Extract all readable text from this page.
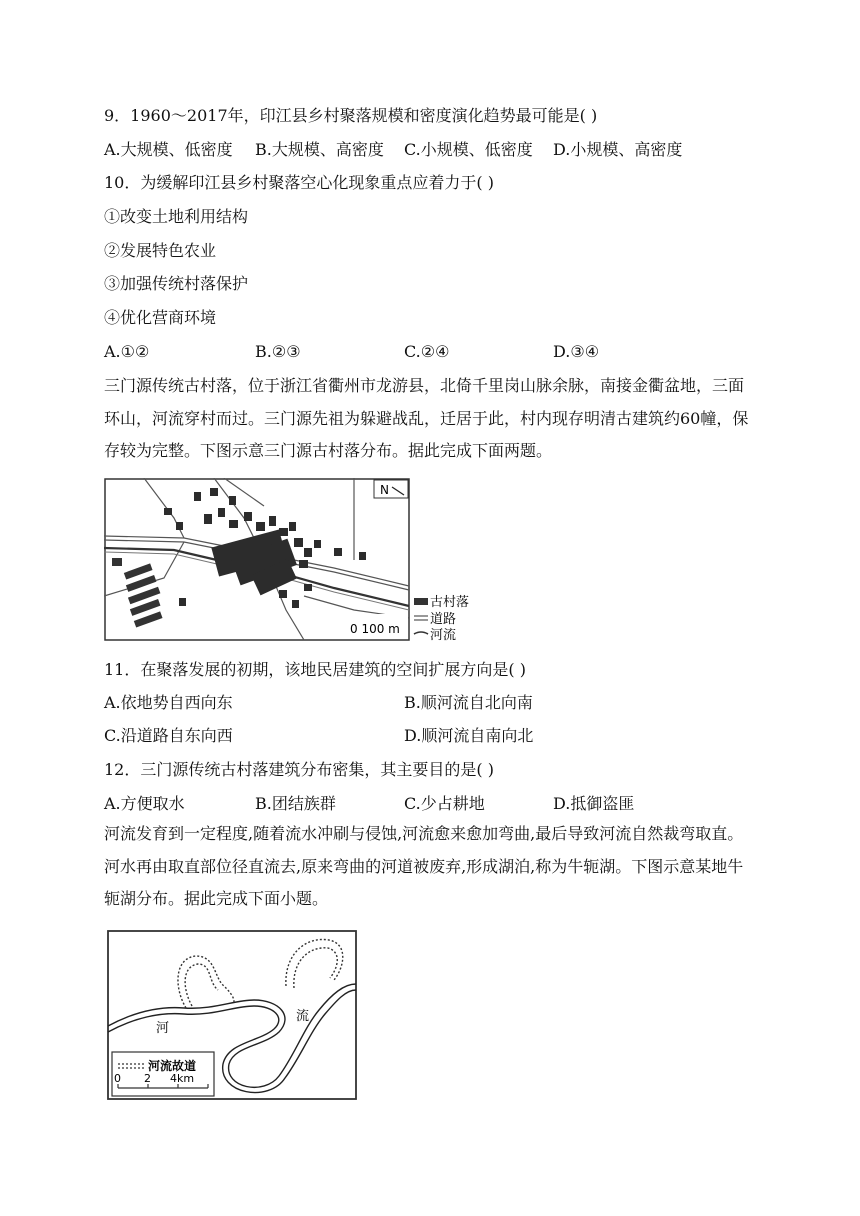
9．1960～2017年，印江县乡村聚落规模和密度演化趋势最可能是( )
A.大规模、低密度 B.大规模、高密度 C.小规模、低密度 D.小规模、高密度
10．为缓解印江县乡村聚落空心化现象重点应着力于( )
①改变土地利用结构
②发展特色农业
③加强传统村落保护
④优化营商环境
A.①②	B.②③	C.②④	D.③④
三门源传统古村落，位于浙江省衢州市龙游县，北倚千里岗山脉余脉，南接金衢盆地，三面环山，河流穿村而过。三门源先祖为躲避战乱，迁居于此，村内现存明清古建筑约60幢，保存较为完整。下图示意三门源古村落分布。据此完成下面两题。
N
0 100 m
古村落
道路
河流
11．在聚落发展的初期，该地民居建筑的空间扩展方向是( )
A.依地势自西向东	B.顺河流自北向南
C.沿道路自东向西	D.顺河流自南向北
12．三门源传统古村落建筑分布密集，其主要目的是( )
A.方便取水	B.团结族群	C.少占耕地	D.抵御盗匪
河流发育到一定程度,随着流水冲刷与侵蚀,河流愈来愈加弯曲,最后导致河流自然裁弯取直。河水再由取直部位径直流去,原来弯曲的河道被废弃,形成湖泊,称为牛轭湖。下图示意某地牛轭湖分布。据此完成下面小题。
河
流
河流故道
0 2 4km
